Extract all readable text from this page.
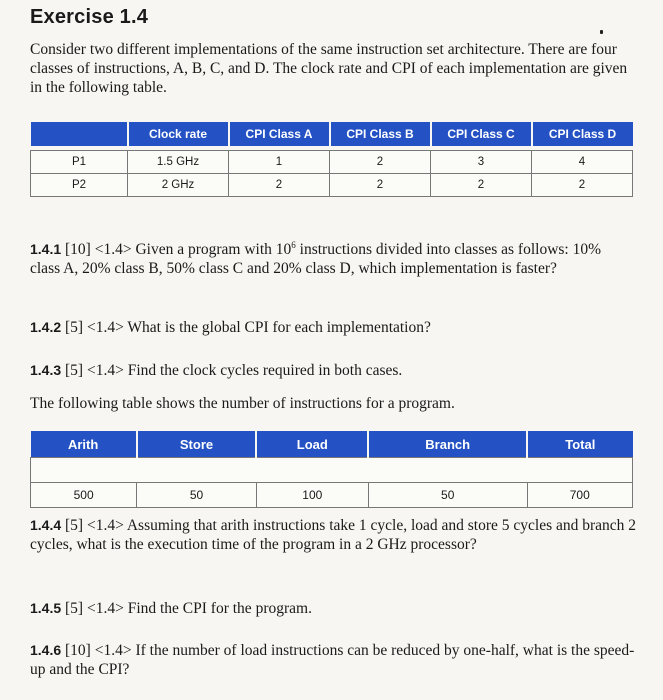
Exercise 1.4
Consider two different implementations of the same instruction set architecture. There are four classes of instructions, A, B, C, and D. The clock rate and CPI of each implementation are given in the following table.
	Clock rate	CPI Class A	CPI Class B	CPI Class C	CPI Class D

P1	1.5 GHz	1	2	3	4
P2	2 GHz	2	2	2	2
1.4.1 [10] <1.4> Given a program with $10^6$ instructions divided into classes as follows: 10% class A, 20% class B, 50% class C and 20% class D, which implementation is faster?
1.4.2 [5] <1.4> What is the global CPI for each implementation?
1.4.3 [5] <1.4> Find the clock cycles required in both cases.
The following table shows the number of instructions for a program.
Arith	Store	Load	Branch	Total

500	50	100	50	700
1.4.4 [5] <1.4> Assuming that arith instructions take 1 cycle, load and store 5 cycles and branch 2 cycles, what is the execution time of the program in a 2 GHz processor?
1.4.5 [5] <1.4> Find the CPI for the program.
1.4.6 [10] <1.4> If the number of load instructions can be reduced by one-half, what is the speed-up and the CPI?
